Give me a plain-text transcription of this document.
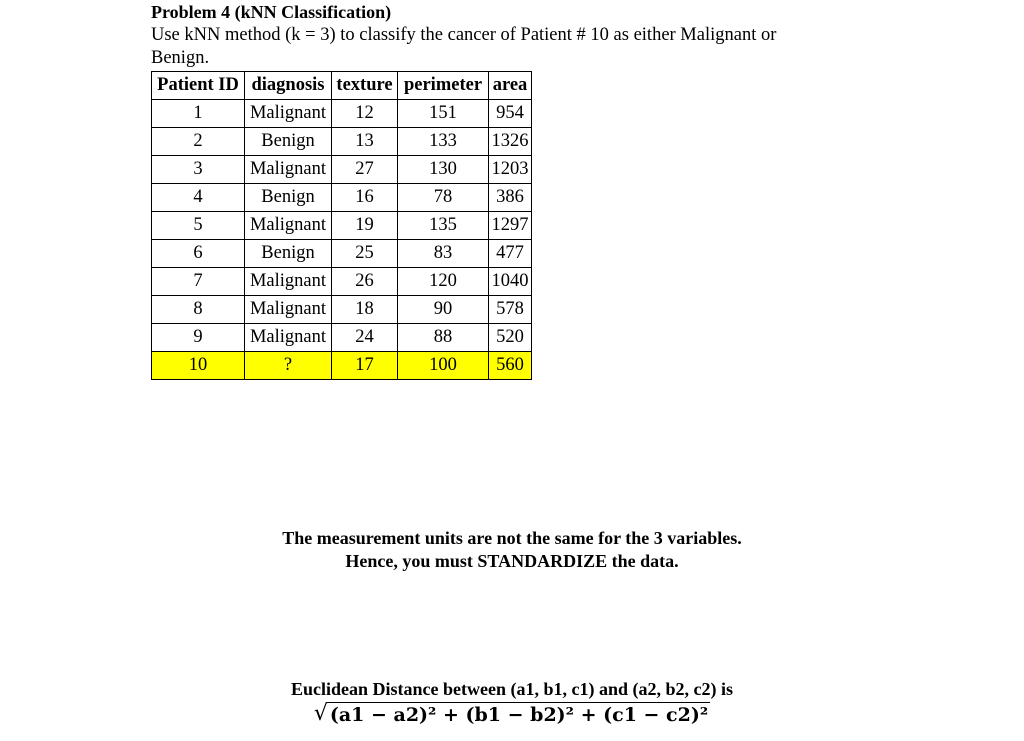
Problem 4 (kNN Classification)
Use kNN method (k = 3) to classify the cancer of Patient # 10 as either Malignant or
Benign.
Patient ID	diagnosis	texture	perimeter	area
1	Malignant	12	151	954
2	Benign	13	133	1326
3	Malignant	27	130	1203
4	Benign	16	78	386
5	Malignant	19	135	1297
6	Benign	25	83	477
7	Malignant	26	120	1040
8	Malignant	18	90	578
9	Malignant	24	88	520
10	?	17	100	560

The measurement units are not the same for the 3 variables.
Hence, you must STANDARDIZE the data.

Euclidean Distance between (a1, b1, c1) and (a2, b2, c2) is

√ (a1 − a2)² + (b1 − b2)² + (c1 − c2)²
